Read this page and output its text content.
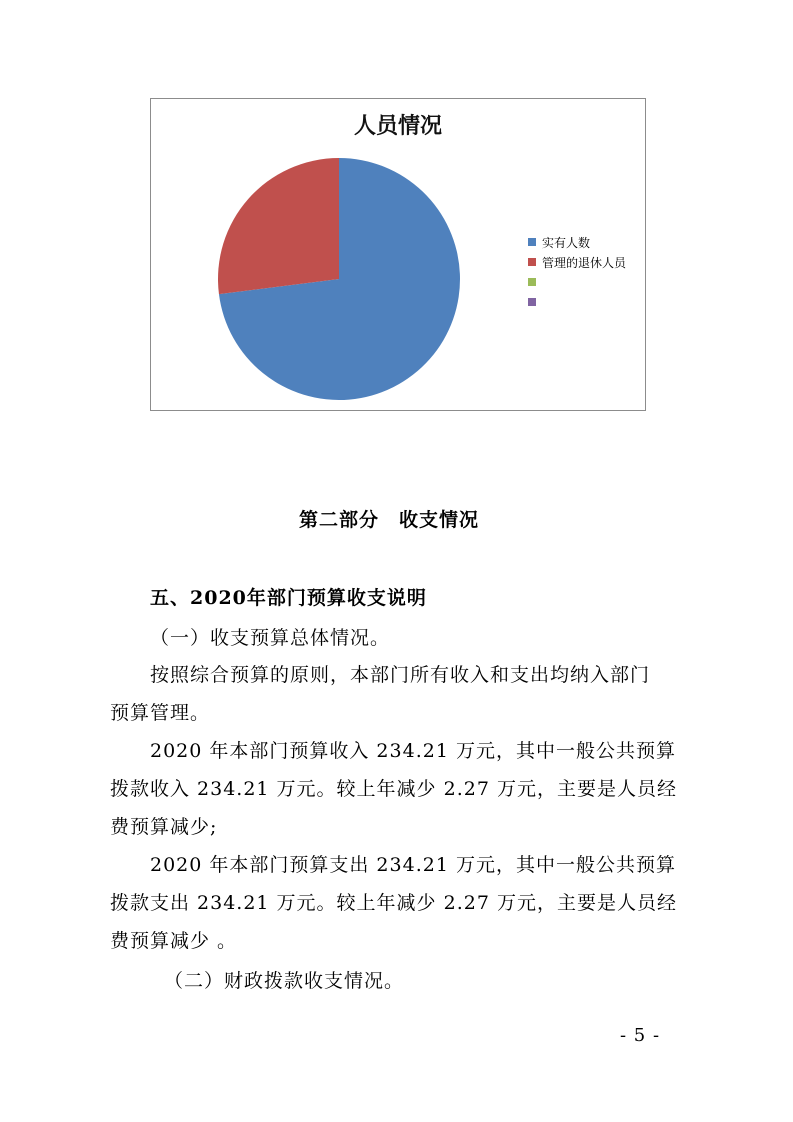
人员情况
实有人数
管理的退休人员
第二部分　收支情况
五、2020年部门预算收支说明
（一）收支预算总体情况。
按照综合预算的原则，本部门所有收入和支出均纳入部门
预算管理。
2020 年本部门预算收入 234.21 万元，其中一般公共预算
拨款收入 234.21 万元。较上年减少 2.27 万元，主要是人员经
费预算减少;
2020 年本部门预算支出 234.21 万元，其中一般公共预算
拨款支出 234.21 万元。较上年减少 2.27 万元，主要是人员经
费预算减少 。
（二）财政拨款收支情况。
- 5 -
